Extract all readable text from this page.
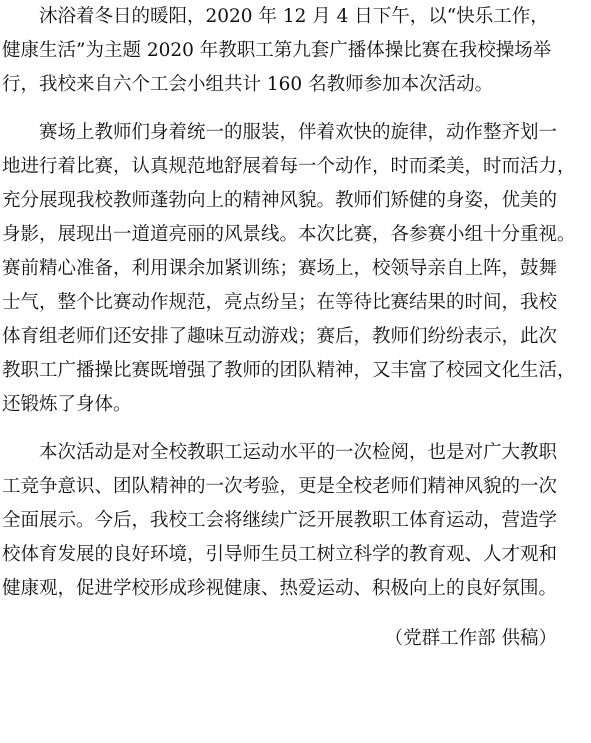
　　沐浴着冬日的暖阳，2020 年 12 月 4 日下午，以“快乐工作，
健康生活”为主题 2020 年教职工第九套广播体操比赛在我校操场举
行，我校来自六个工会小组共计 160 名教师参加本次活动。
　　赛场上教师们身着统一的服装，伴着欢快的旋律，动作整齐划一
地进行着比赛，认真规范地舒展着每一个动作，时而柔美，时而活力，
充分展现我校教师蓬勃向上的精神风貌。教师们矫健的身姿，优美的
身影，展现出一道道亮丽的风景线。本次比赛，各参赛小组十分重视。
赛前精心准备，利用课余加紧训练；赛场上，校领导亲自上阵，鼓舞
士气，整个比赛动作规范，亮点纷呈；在等待比赛结果的时间，我校
体育组老师们还安排了趣味互动游戏；赛后，教师们纷纷表示，此次
教职工广播操比赛既增强了教师的团队精神，又丰富了校园文化生活，
还锻炼了身体。
　　本次活动是对全校教职工运动水平的一次检阅，也是对广大教职
工竞争意识、团队精神的一次考验，更是全校老师们精神风貌的一次
全面展示。今后，我校工会将继续广泛开展教职工体育运动，营造学
校体育发展的良好环境，引导师生员工树立科学的教育观、人才观和
健康观，促进学校形成珍视健康、热爱运动、积极向上的良好氛围。
（党群工作部 供稿）
